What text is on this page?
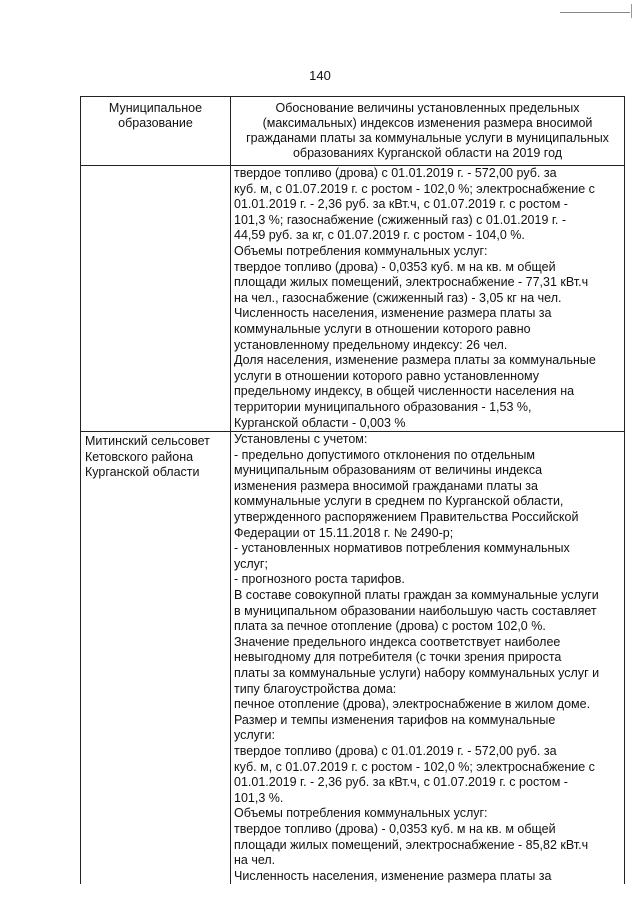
140
Муниципальное образование
Обоснование величины установленных предельных (максимальных) индексов изменения размера вносимой гражданами платы за коммунальные услуги в муниципальных образованиях Курганской области на 2019 год
твердое топливо (дрова) с 01.01.2019 г. - 572,00 руб. за
куб. м, с 01.07.2019 г. с ростом - 102,0 %; электроснабжение с
01.01.2019 г. - 2,36 руб. за кВт.ч, с 01.07.2019 г. с ростом -
101,3 %; газоснабжение (сжиженный газ) с 01.01.2019 г. -
44,59 руб. за кг, с 01.07.2019 г. с ростом - 104,0 %.
Объемы потребления коммунальных услуг:
твердое топливо (дрова) - 0,0353 куб. м на кв. м общей
площади жилых помещений, электроснабжение - 77,31 кВт.ч
на чел., газоснабжение (сжиженный газ) - 3,05 кг на чел.
Численность населения, изменение размера платы за
коммунальные услуги в отношении которого равно
установленному предельному индексу: 26 чел.
Доля населения, изменение размера платы за коммунальные
услуги в отношении которого равно установленному
предельному индексу, в общей численности населения на
территории муниципального образования - 1,53 %,
Курганской области - 0,003 %
Митинский сельсовет
Кетовского района
Курганской области
Установлены с учетом:
- предельно допустимого отклонения по отдельным
муниципальным образованиям от величины индекса
изменения размера вносимой гражданами платы за
коммунальные услуги в среднем по Курганской области,
утвержденного распоряжением Правительства Российской
Федерации от 15.11.2018 г. № 2490-р;
- установленных нормативов потребления коммунальных
услуг;
- прогнозного роста тарифов.
В составе совокупной платы граждан за коммунальные услуги
в муниципальном образовании наибольшую часть составляет
плата за печное отопление (дрова) с ростом 102,0 %.
Значение предельного индекса соответствует наиболее
невыгодному для потребителя (с точки зрения прироста
платы за коммунальные услуги) набору коммунальных услуг и
типу благоустройства дома:
печное отопление (дрова), электроснабжение в жилом доме.
Размер и темпы изменения тарифов на коммунальные
услуги:
твердое топливо (дрова) с 01.01.2019 г. - 572,00 руб. за
куб. м, с 01.07.2019 г. с ростом - 102,0 %; электроснабжение с
01.01.2019 г. - 2,36 руб. за кВт.ч, с 01.07.2019 г. с ростом -
101,3 %.
Объемы потребления коммунальных услуг:
твердое топливо (дрова) - 0,0353 куб. м на кв. м общей
площади жилых помещений, электроснабжение - 85,82 кВт.ч
на чел.
Численность населения, изменение размера платы за
